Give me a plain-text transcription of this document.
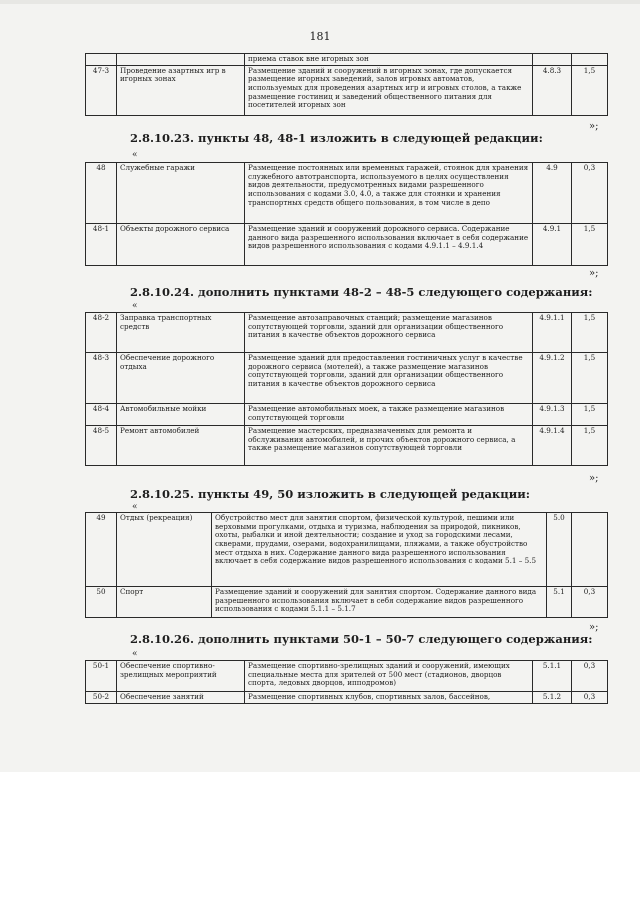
181
		приема ставок вне игорных зон		
47-3	Проведение азартных игр в игорных зонах	Размещение зданий и сооружений в игорных зонах, где допускается размещение игорных заведений, залов игровых автоматов, используемых для проведения азартных игр и игровых столов, а также размещение гостиниц и заведений общественного питания для посетителей игорных зон	4.8.3	1,5
»;
2.8.10.23. пункты 48, 48-1 изложить в следующей редакции:
«
48	Служебные гаражи	Размещение постоянных или временных гаражей, стоянок для хранения служебного автотранспорта, используемого в целях осуществления видов деятельности, предусмотренных видами разрешенного использования с кодами 3.0, 4.0, а также для стоянки и хранения транспортных средств общего пользования, в том числе в депо	4.9	0,3
48-1	Объекты дорожного сервиса	Размещение зданий и сооружений дорожного сервиса. Содержание данного вида разрешенного использования включает в себя содержание видов разрешенного использования с кодами 4.9.1.1 – 4.9.1.4	4.9.1	1,5
»;
2.8.10.24. дополнить пунктами 48-2 – 48-5 следующего содержания:
«
48-2	Заправка транспортных средств	Размещение автозаправочных станций; размещение магазинов сопутствующей торговли, зданий для организации общественного питания в качестве объектов дорожного сервиса	4.9.1.1	1,5
48-3	Обеспечение дорожного отдыха	Размещение зданий для предоставления гостиничных услуг в качестве дорожного сервиса (мотелей), а также размещение магазинов сопутствующей торговли, зданий для организации общественного питания в качестве объектов дорожного сервиса	4.9.1.2	1,5
48-4	Автомобильные мойки	Размещение автомобильных моек, а также размещение магазинов сопутствующей торговли	4.9.1.3	1,5
48-5	Ремонт автомобилей	Размещение мастерских, предназначенных для ремонта и обслуживания автомобилей, и прочих объектов дорожного сервиса, а также размещение магазинов сопутствующей торговли	4.9.1.4	1,5
»;
2.8.10.25. пункты 49, 50 изложить в следующей редакции:
«
49	Отдых (рекреация)	Обустройство мест для занятия спортом, физической культурой, пешими или верховыми прогулками, отдыха и туризма, наблюдения за природой, пикников, охоты, рыбалки и иной деятельности; создание и уход за городскими лесами, скверами, прудами, озерами, водохранилищами, пляжами, а также обустройство мест отдыха в них. Содержание данного вида разрешенного использования включает в себя содержание видов разрешенного использования с кодами 5.1 – 5.5	5.0	
50	Спорт	Размещение зданий и сооружений для занятия спортом. Содержание данного вида разрешенного использования включает в себя содержание видов разрешенного использования с кодами 5.1.1 – 5.1.7	5.1	0,3
»;
2.8.10.26. дополнить пунктами 50-1 – 50-7 следующего содержания:
«
50-1	Обеспечение спортивно-зрелищных мероприятий	Размещение спортивно-зрелищных зданий и сооружений, имеющих специальные места для зрителей от 500 мест (стадионов, дворцов спорта, ледовых дворцов, ипподромов)	5.1.1	0,3
50-2	Обеспечение занятий	Размещение спортивных клубов, спортивных залов, бассейнов,	5.1.2	0,3
